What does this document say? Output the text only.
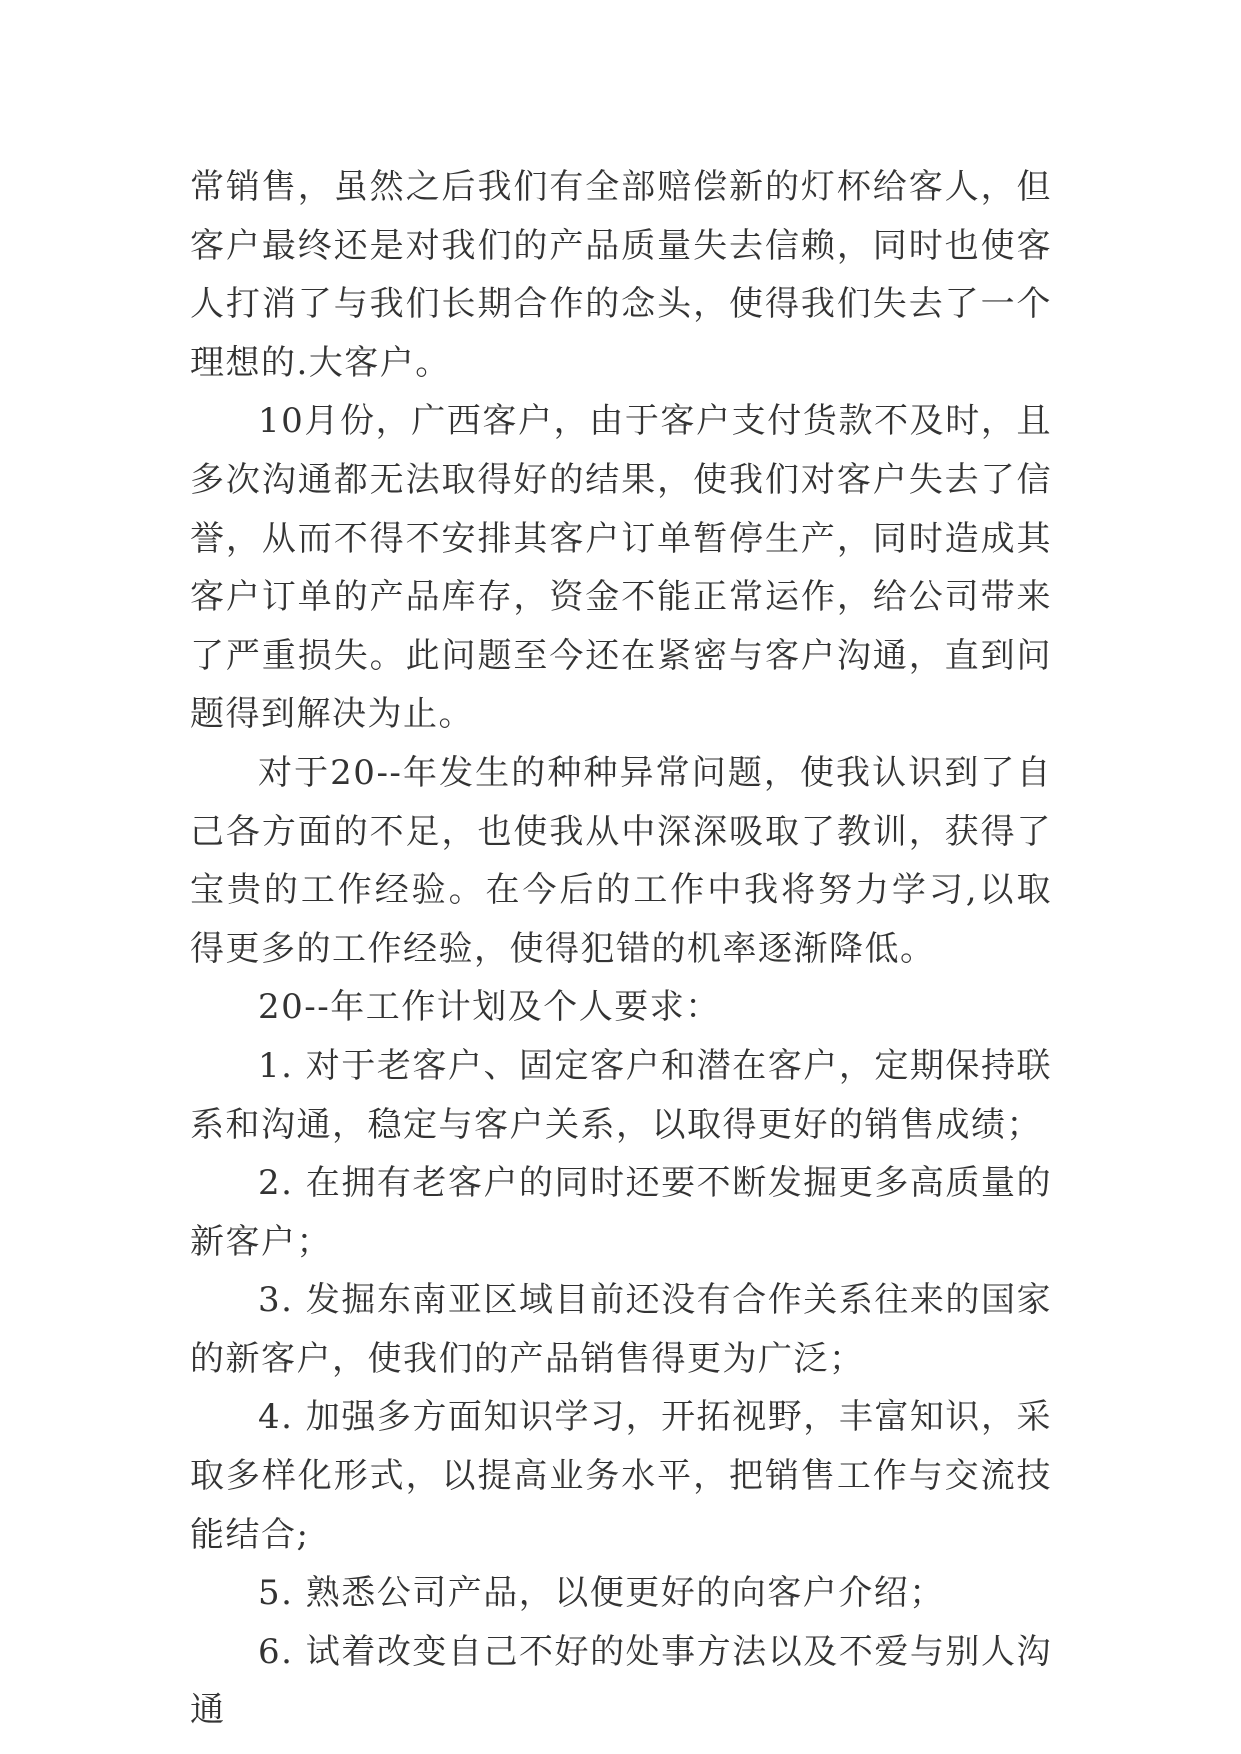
常销售，虽然之后我们有全部赔偿新的灯杯给客人，但客户最终还是对我们的产品质量失去信赖，同时也使客人打消了与我们长期合作的念头，使得我们失去了一个理想的.大客户。

10月份，广西客户，由于客户支付货款不及时，且多次沟通都无法取得好的结果，使我们对客户失去了信誉，从而不得不安排其客户订单暂停生产，同时造成其客户订单的产品库存，资金不能正常运作，给公司带来了严重损失。此问题至今还在紧密与客户沟通，直到问题得到解决为止。

对于20--年发生的种种异常问题，使我认识到了自己各方面的不足，也使我从中深深吸取了教训，获得了宝贵的工作经验。在今后的工作中我将努力学习,以取得更多的工作经验，使得犯错的机率逐渐降低。

20--年工作计划及个人要求：

1. 对于老客户、固定客户和潜在客户，定期保持联系和沟通，稳定与客户关系，以取得更好的销售成绩；

2. 在拥有老客户的同时还要不断发掘更多高质量的新客户；

3. 发掘东南亚区域目前还没有合作关系往来的国家的新客户，使我们的产品销售得更为广泛；

4. 加强多方面知识学习，开拓视野，丰富知识，采取多样化形式，以提高业务水平，把销售工作与交流技能结合;

5. 熟悉公司产品，以便更好的向客户介绍；

6. 试着改变自己不好的处事方法以及不爱与别人沟通
